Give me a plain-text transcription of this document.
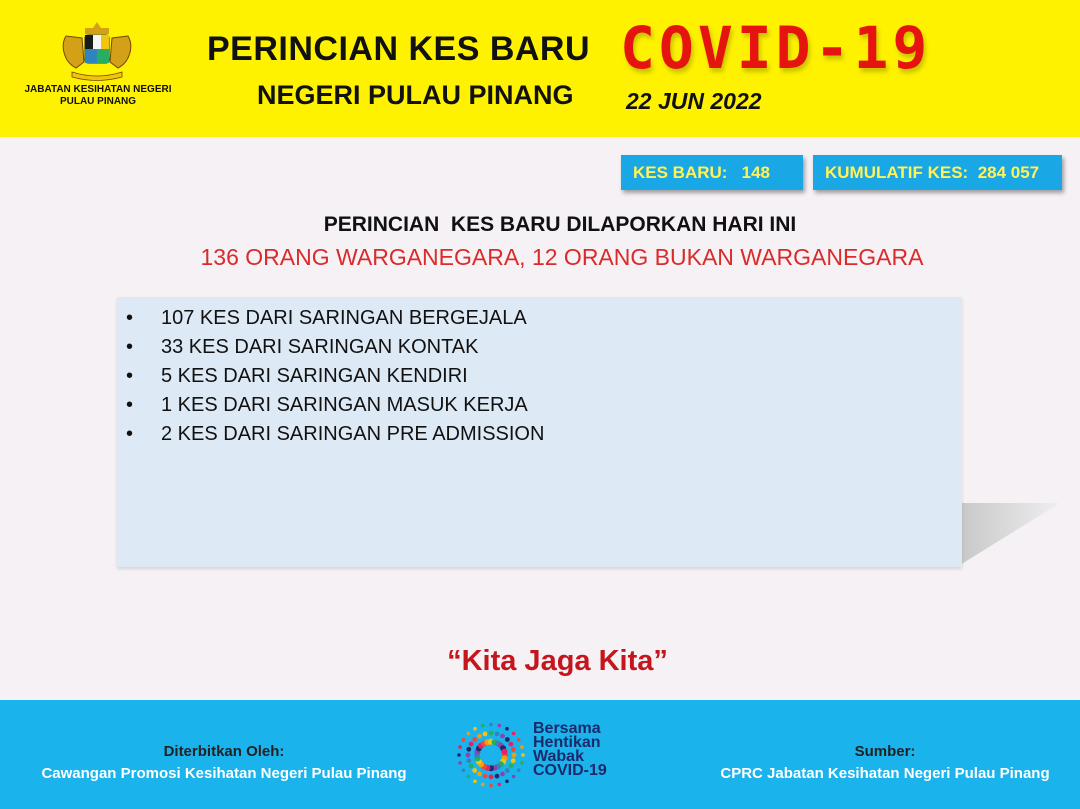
JABATAN KESIHATAN NEGERI
PULAU PINANG
PERINCIAN KES BARU COVID-19
NEGERI PULAU PINANG 22 JUN 2022
KES BARU: 148	KUMULATIF KES: 284 057
PERINCIAN  KES BARU DILAPORKAN HARI INI
136 ORANG WARGANEGARA, 12 ORANG BUKAN WARGANEGARA
• 107 KES DARI SARINGAN BERGEJALA
• 33 KES DARI SARINGAN KONTAK
• 5 KES DARI SARINGAN KENDIRI
• 1 KES DARI SARINGAN MASUK KERJA
• 2 KES DARI SARINGAN PRE ADMISSION
“Kita Jaga Kita”
Diterbitkan Oleh:
Cawangan Promosi Kesihatan Negeri Pulau Pinang
Bersama
Hentikan
Wabak
COVID-19
Sumber:
CPRC Jabatan Kesihatan Negeri Pulau Pinang
